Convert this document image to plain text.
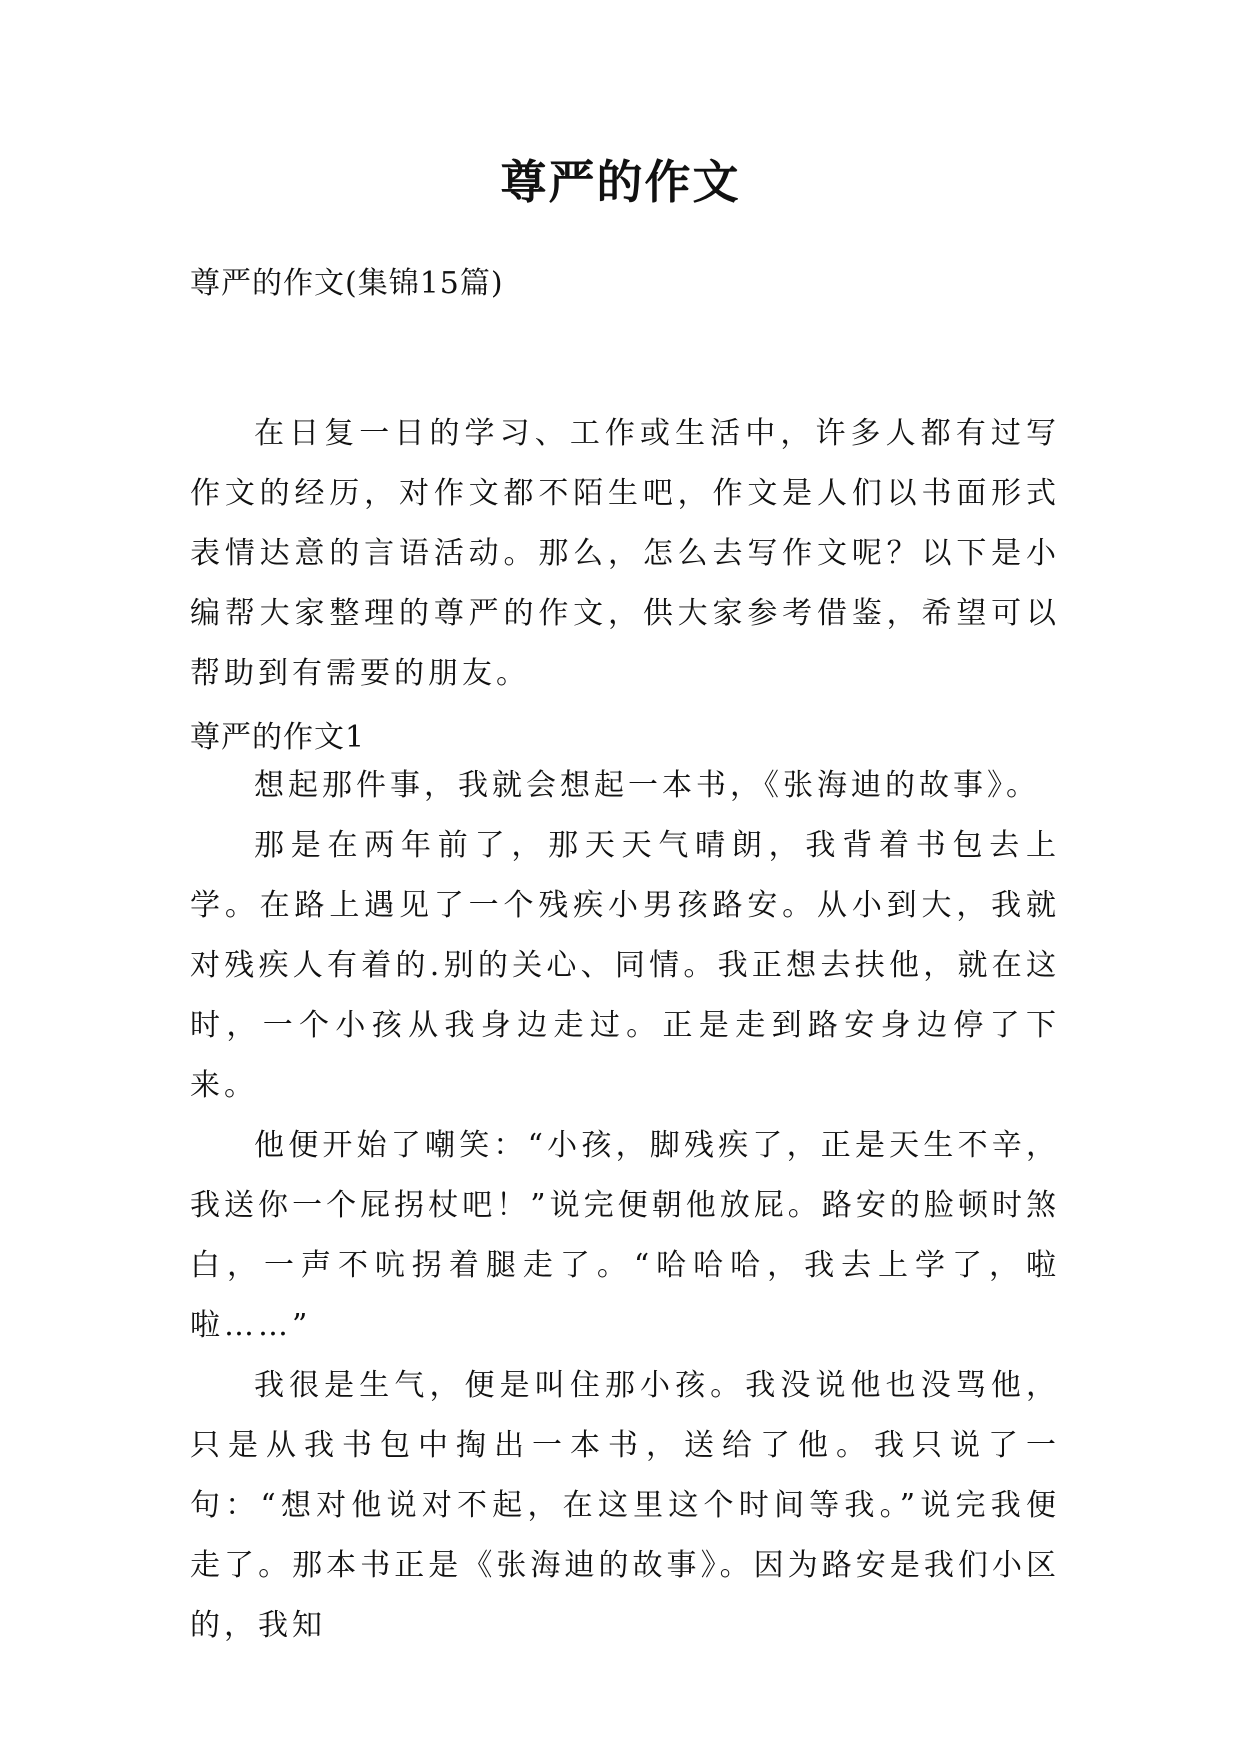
尊严的作文

尊严的作文(集锦15篇)

在日复一日的学习、工作或生活中，许多人都有过写作文的经历，对作文都不陌生吧，作文是人们以书面形式表情达意的言语活动。那么，怎么去写作文呢？以下是小编帮大家整理的尊严的作文，供大家参考借鉴，希望可以帮助到有需要的朋友。

尊严的作文1

想起那件事，我就会想起一本书，《张海迪的故事》。

那是在两年前了，那天天气晴朗，我背着书包去上学。在路上遇见了一个残疾小男孩路安。从小到大，我就对残疾人有着的.别的关心、同情。我正想去扶他，就在这时，一个小孩从我身边走过。正是走到路安身边停了下来。

他便开始了嘲笑：“小孩，脚残疾了，正是天生不辛，我送你一个屁拐杖吧！”说完便朝他放屁。路安的脸顿时煞白，一声不吭拐着腿走了。“哈哈哈，我去上学了，啦啦……”

我很是生气，便是叫住那小孩。我没说他也没骂他，只是从我书包中掏出一本书，送给了他。我只说了一句：“想对他说对不起，在这里这个时间等我。”说完我便走了。那本书正是《张海迪的故事》。因为路安是我们小区的，我知
